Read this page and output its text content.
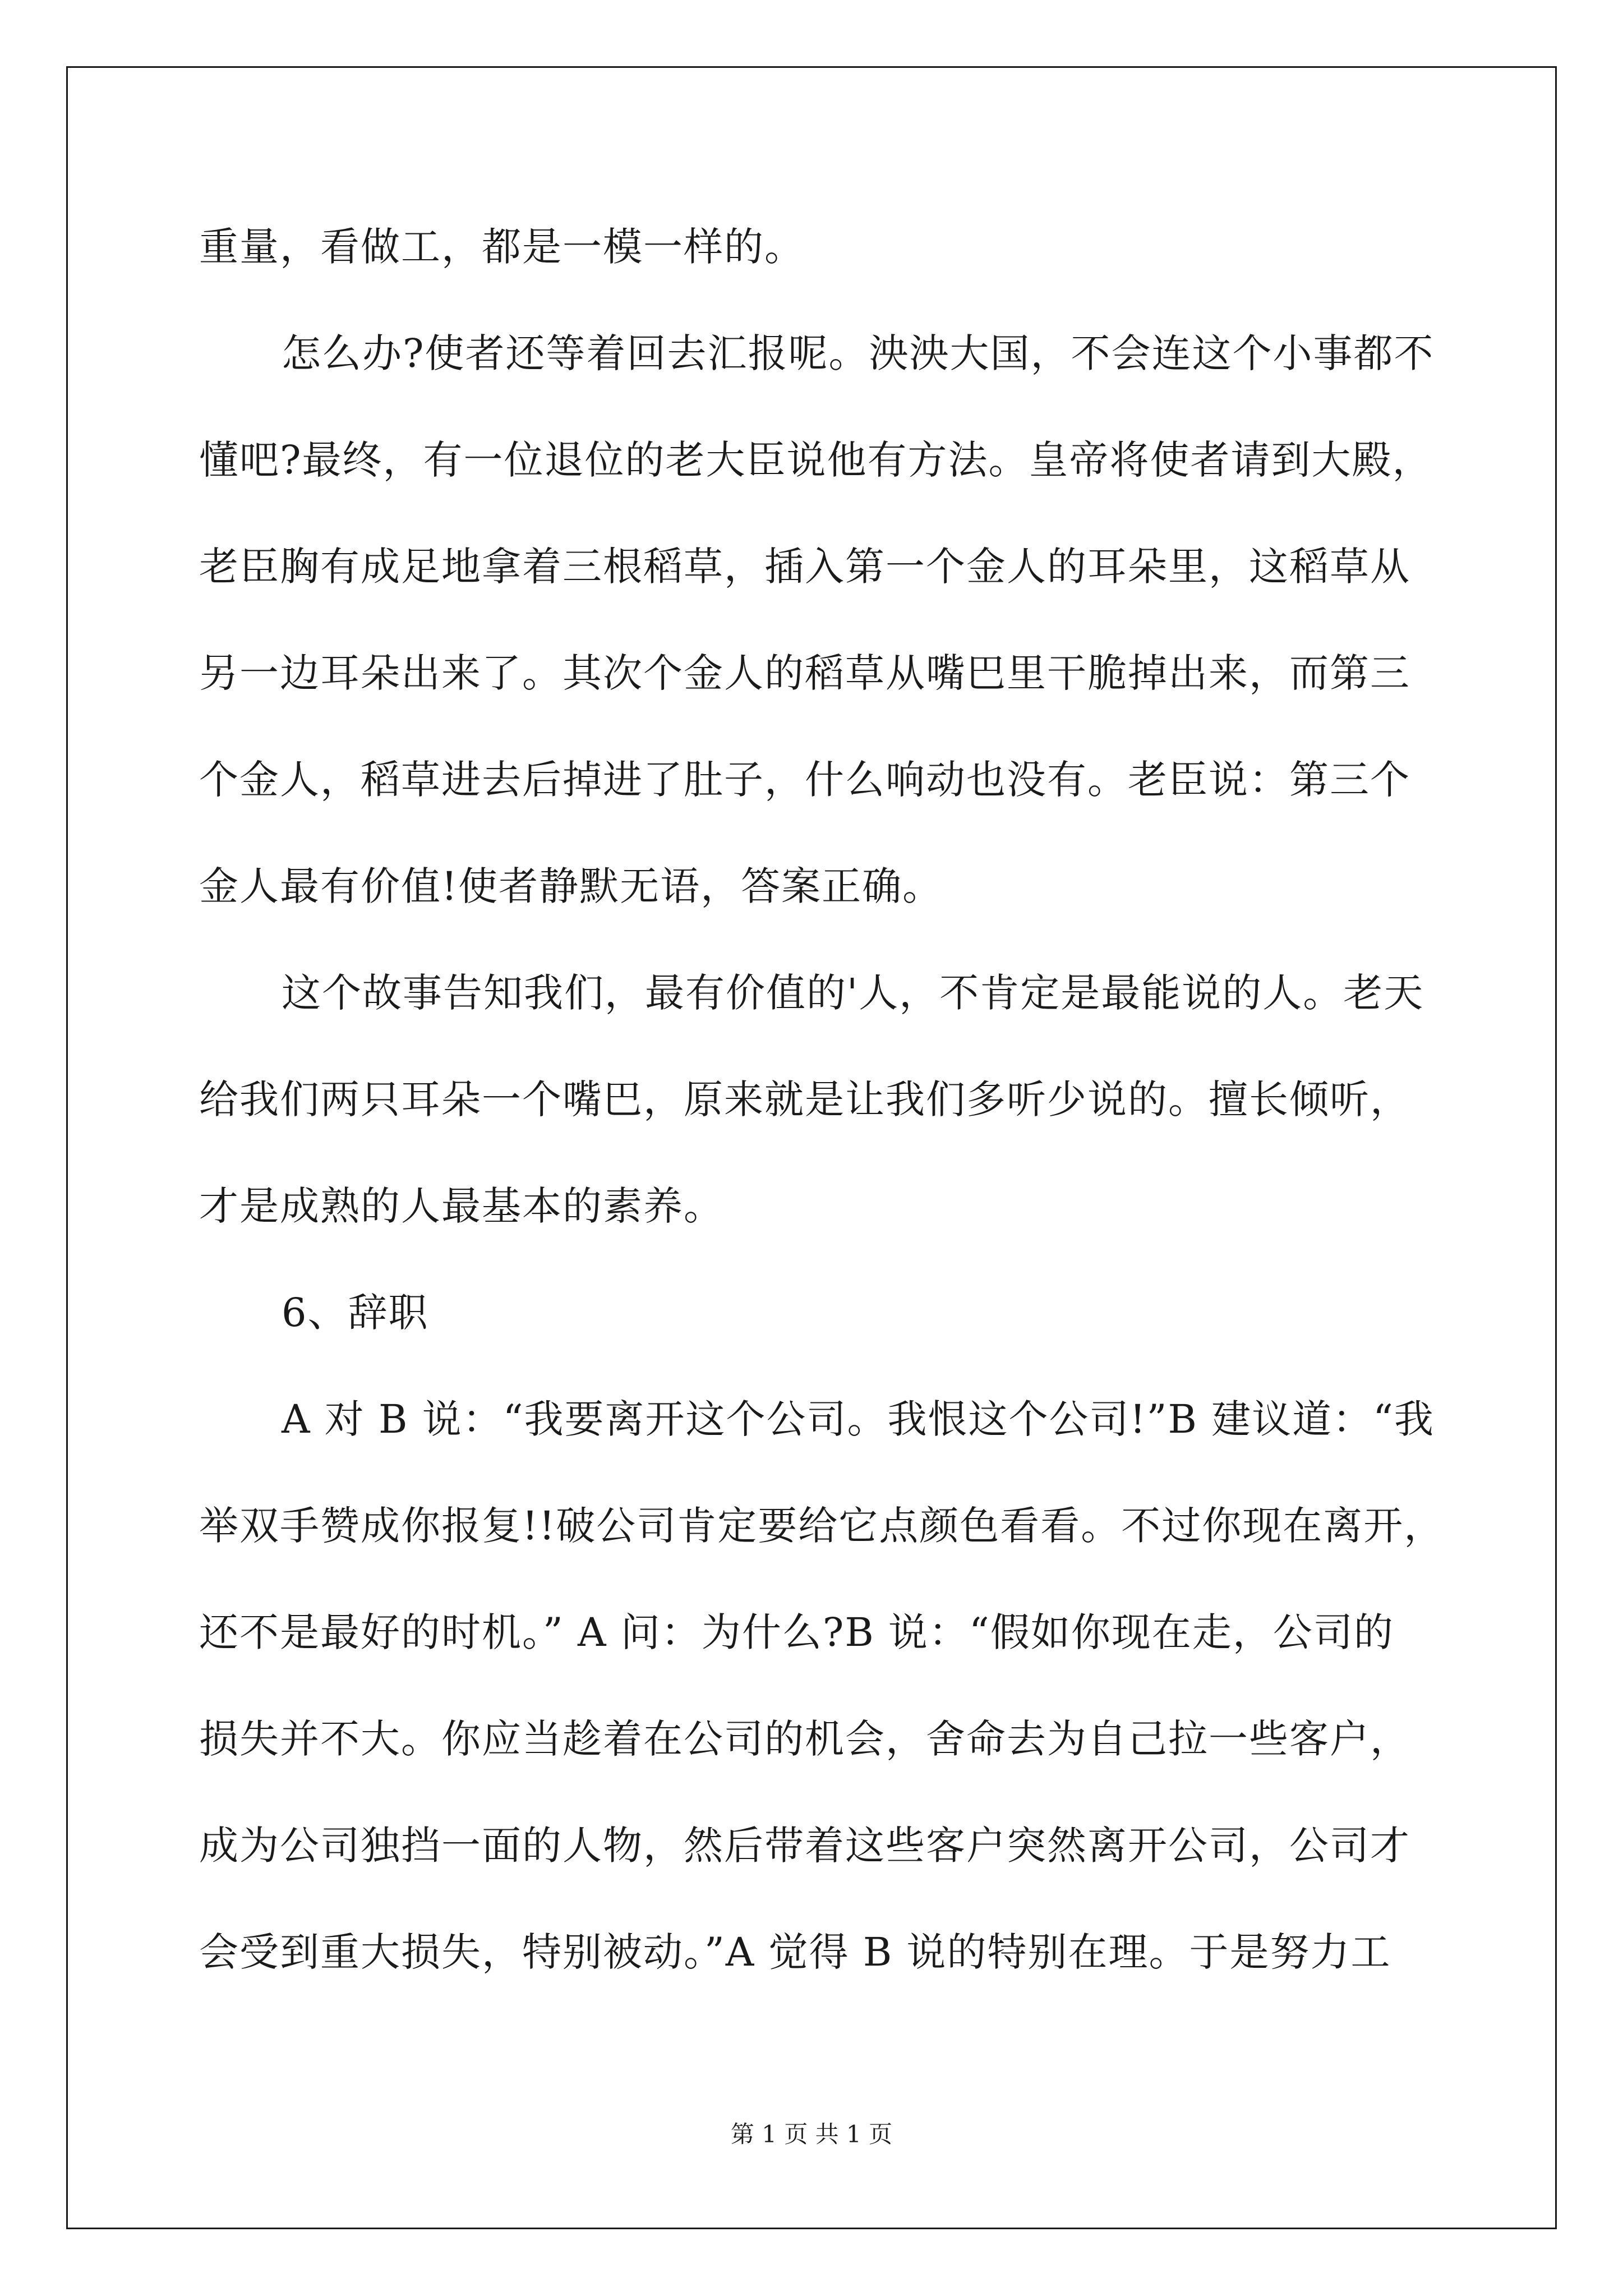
重量，看做工，都是一模一样的。
怎么办?使者还等着回去汇报呢。泱泱大国，不会连这个小事都不
懂吧?最终，有一位退位的老大臣说他有方法。皇帝将使者请到大殿，
老臣胸有成足地拿着三根稻草，插入第一个金人的耳朵里，这稻草从
另一边耳朵出来了。其次个金人的稻草从嘴巴里干脆掉出来，而第三
个金人，稻草进去后掉进了肚子，什么响动也没有。老臣说：第三个
金人最有价值!使者静默无语，答案正确。
这个故事告知我们，最有价值的'人，不肯定是最能说的人。老天
给我们两只耳朵一个嘴巴，原来就是让我们多听少说的。擅长倾听，
才是成熟的人最基本的素养。
6、辞职
A 对 B 说：“我要离开这个公司。我恨这个公司!”B 建议道：“我
举双手赞成你报复!!破公司肯定要给它点颜色看看。不过你现在离开，
还不是最好的时机。” A 问：为什么?B 说：“假如你现在走，公司的
损失并不大。你应当趁着在公司的机会，舍命去为自己拉一些客户，
成为公司独挡一面的人物，然后带着这些客户突然离开公司，公司才
会受到重大损失，特别被动。”A 觉得 B 说的特别在理。于是努力工
第 1 页 共 1 页
